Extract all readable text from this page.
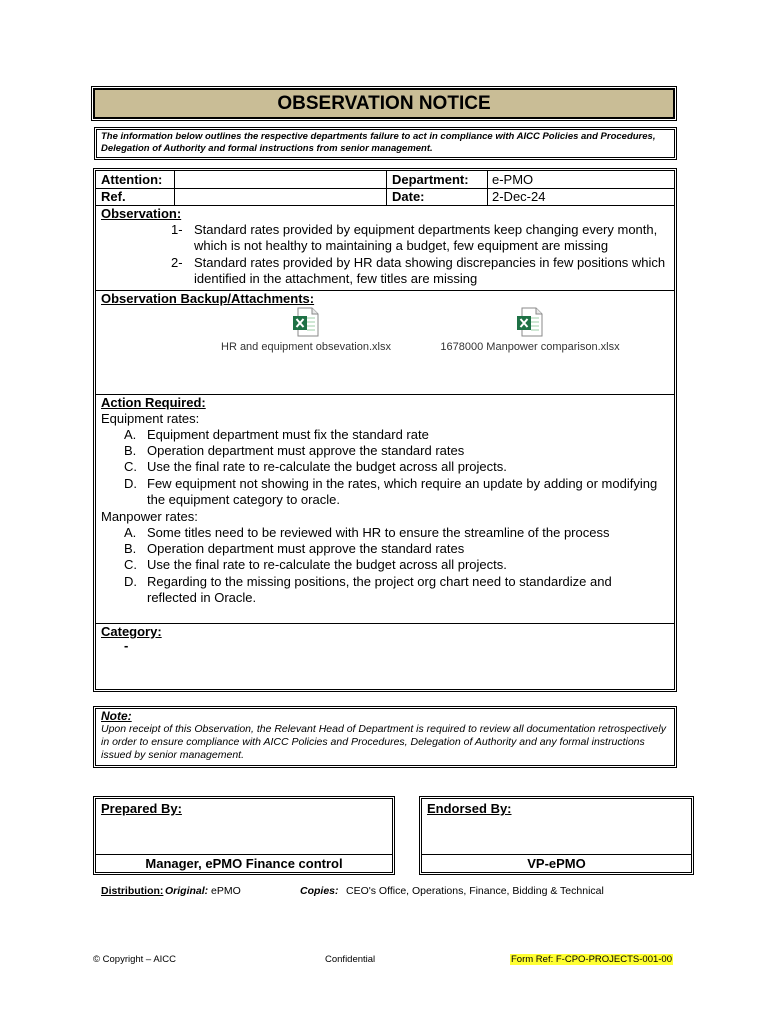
OBSERVATION NOTICE
The information below outlines the respective departments failure to act in compliance with AICC Policies and Procedures, Delegation of Authority and formal instructions from senior management.
Attention:	Department: e-PMO
Ref.	Date:	2-Dec-24
Observation:
1- Standard rates provided by equipment departments keep changing every month,
which is not healthy to maintaining a budget, few equipment are missing
2- Standard rates provided by HR data showing discrepancies in few positions which
identified in the attachment, few titles are missing
Observation Backup/Attachments:
HR and equipment obsevation.xlsx	1678000 Manpower comparison.xlsx
Action Required:
Equipment rates:
A. Equipment department must fix the standard rate
B. Operation department must approve the standard rates
C. Use the final rate to re-calculate the budget across all projects.
D. Few equipment not showing in the rates, which require an update by adding or modifying
the equipment category to oracle.
Manpower rates:
A. Some titles need to be reviewed with HR to ensure the streamline of the process
B. Operation department must approve the standard rates
C. Use the final rate to re-calculate the budget across all projects.
D. Regarding to the missing positions, the project org chart need to standardize and
reflected in Oracle.
Category:
-
Note:
Upon receipt of this Observation, the Relevant Head of Department is required to review all documentation retrospectively in order to ensure compliance with AICC Policies and Procedures, Delegation of Authority and any formal instructions issued by senior management.
Prepared By:
Manager, ePMO Finance control
Endorsed By:
VP-ePMO
Distribution: Original: ePMO	Copies: CEO's Office, Operations, Finance, Bidding & Technical
© Copyright – AICC	Confidential	Form Ref: F-CPO-PROJECTS-001-00
